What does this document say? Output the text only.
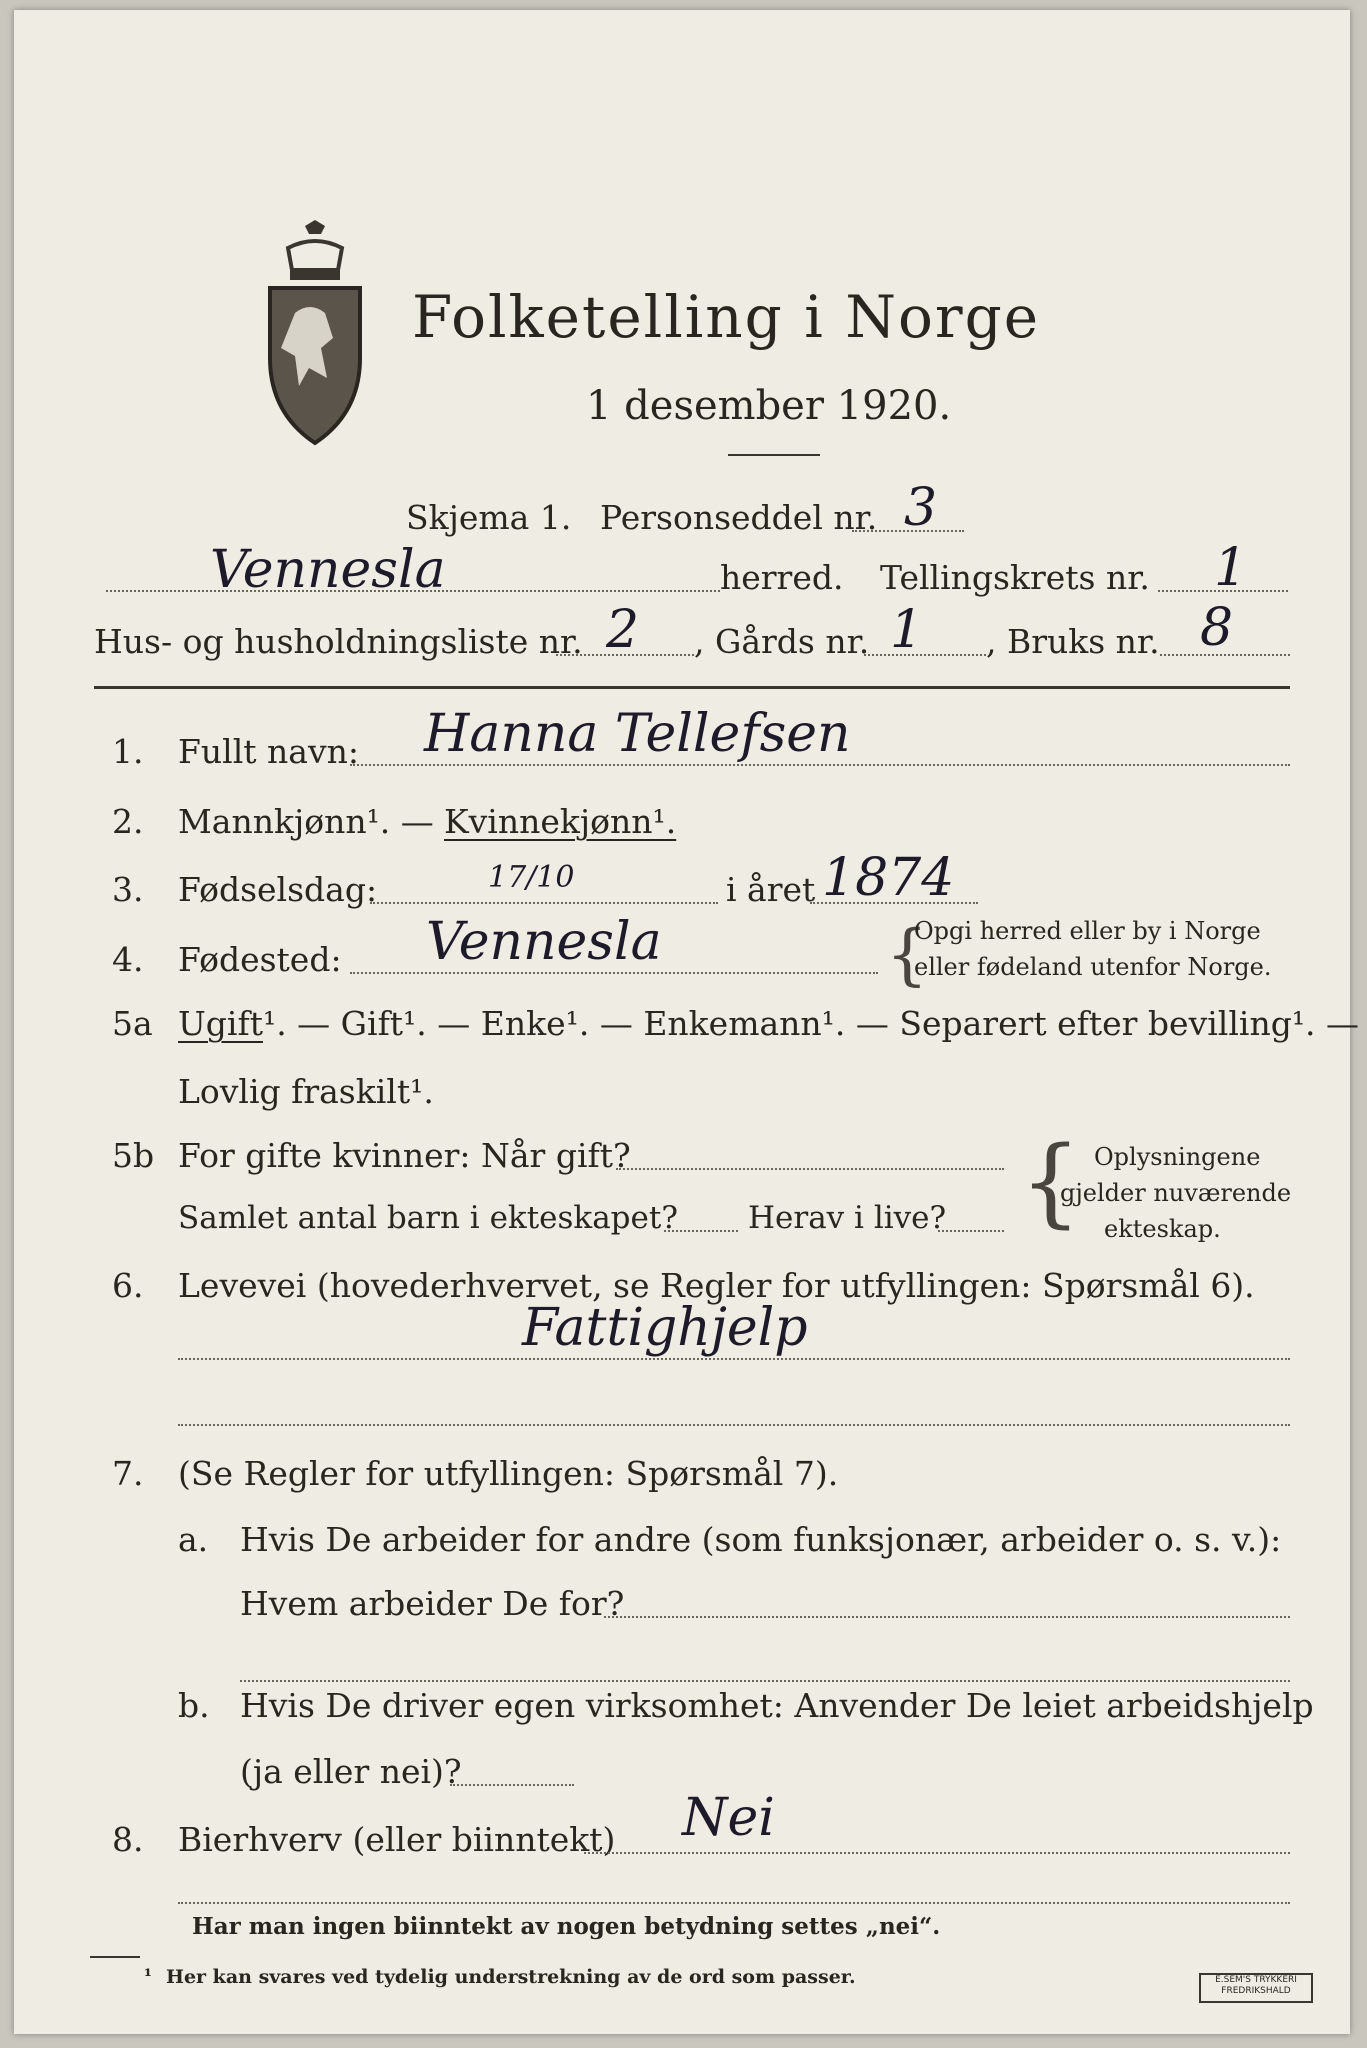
Folketelling i Norge
1 desember 1920.
Skjema 1. Personseddel nr. 3
Vennesla	herred. Tellingskrets nr. 1
Hus- og husholdningsliste nr. 2 , Gårds nr. 1 , Bruks nr. 8
1. Fullt navn: Hanna Tellefsen
2. Mannkjønn¹. — Kvinnekjønn¹.
3. Fødselsdag:	17/10	i året 1874
4. Fødested: Vennesla	{
Opgi herred eller by i Norge
eller fødeland utenfor Norge.
5a Ugift¹. — Gift¹. — Enke¹. — Enkemann¹. — Separert efter bevilling¹. —
Lovlig fraskilt¹.
5b For gifte kvinner: Når gift?
Samlet antal barn i ekteskapet? Herav i live? { Oplysningene
gjelder nuværende
ekteskap.
6. Levevei (hovederhvervet, se Regler for utfyllingen: Spørsmål 6).
Fattighjelp
7. (Se Regler for utfyllingen: Spørsmål 7).
a. Hvis De arbeider for andre (som funksjonær, arbeider o. s. v.):
Hvem arbeider De for?
b. Hvis De driver egen virksomhet: Anvender De leiet arbeidshjelp
(ja eller nei)?
8. Bierhverv (eller biinntekt) Nei
Har man ingen biinntekt av nogen betydning settes „nei“.
¹ Her kan svares ved tydelig understrekning av de ord som passer.	E.SEM'S TRYKKERI FREDRIKSHALD
